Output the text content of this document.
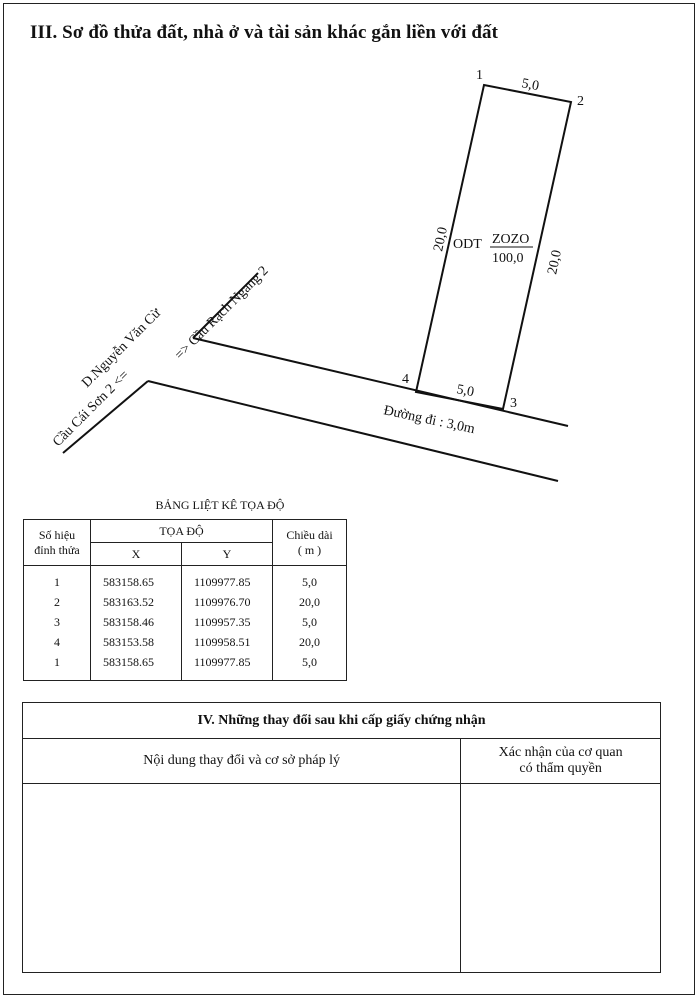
III. Sơ đồ thửa đất, nhà ở và tài sản khác gắn liền với đất
1
2
3
4
5,0
20,0
5,0
20,0 ODT ZOZO
100,0
Đường đi : 3,0m
=> Cầu Rạch Ngang 2
D.Nguyễn Văn Cừ
Cầu Cái Sơn 2 <=
BẢNG LIỆT KÊ TỌA ĐỘ
Số hiệu
đỉnh thửa	TỌA ĐỘ		Chiều dài
( m )
	X	Y	
1	583158.65	1109977.85	5,0
2	583163.52	1109976.70	20,0
3	583158.46	1109957.35	5,0
4	583153.58	1109958.51	20,0
1	583158.65	1109977.85	5,0
IV. Những thay đổi sau khi cấp giấy chứng nhận	
Nội dung thay đổi và cơ sở pháp lý	Xác nhận của cơ quan
có thẩm quyền
